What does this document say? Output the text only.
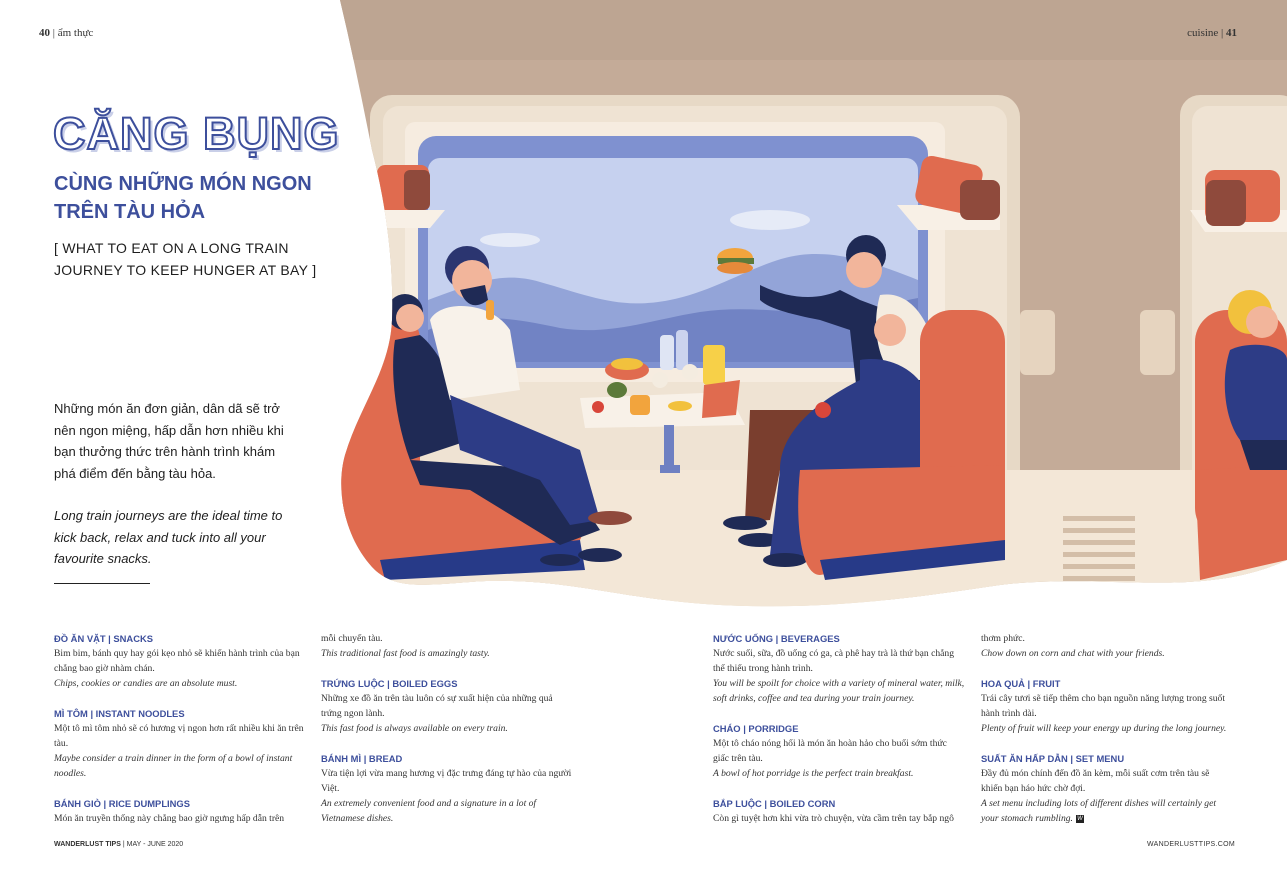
40 | ẩm thực	cuisine | 41
CĂNG BỤNG
CÙNG NHỮNG MÓN NGON TRÊN TÀU HỎA
[ WHAT TO EAT ON A LONG TRAIN JOURNEY TO KEEP HUNGER AT BAY ]
Những món ăn đơn giản, dân dã sẽ trở nên ngon miệng, hấp dẫn hơn nhiều khi bạn thưởng thức trên hành trình khám phá điểm đến bằng tàu hỏa.
Long train journeys are the ideal time to kick back, relax and tuck into all your favourite snacks.
ĐỒ ĂN VẶT | SNACKS

Bim bim, bánh quy hay gói kẹo nhỏ sẽ khiến hành trình của bạn chẳng bao giờ nhàm chán.

Chips, cookies or candies are an absolute must.

MÌ TÔM | INSTANT NOODLES

Một tô mì tôm nhỏ sẽ có hương vị ngon hơn rất nhiều khi ăn trên tàu.

Maybe consider a train dinner in the form of a bowl of instant noodles.

BÁNH GIÒ | RICE DUMPLINGS

Món ăn truyền thống này chẳng bao giờ ngưng hấp dẫn trên

mỗi chuyến tàu.

This traditional fast food is amazingly tasty.

TRỨNG LUỘC | BOILED EGGS

Những xe đồ ăn trên tàu luôn có sự xuất hiện của những quả trứng ngon lành.

This fast food is always available on every train.

BÁNH MÌ | BREAD

Vừa tiện lợi vừa mang hương vị đặc trưng đáng tự hào của người Việt.

An extremely convenient food and a signature in a lot of Vietnamese dishes.

NƯỚC UỐNG | BEVERAGES

Nước suối, sữa, đồ uống có ga, cà phê hay trà là thứ bạn chẳng thể thiếu trong hành trình.

You will be spoilt for choice with a variety of mineral water, milk, soft drinks, coffee and tea during your train journey.

CHÁO | PORRIDGE

Một tô cháo nóng hổi là món ăn hoàn hảo cho buổi sớm thức giấc trên tàu.

A bowl of hot porridge is the perfect train breakfast.

BẮP LUỘC | BOILED CORN

Còn gì tuyệt hơn khi vừa trò chuyện, vừa cầm trên tay bắp ngô

thơm phức.

Chow down on corn and chat with your friends.

HOA QUẢ | FRUIT

Trái cây tươi sẽ tiếp thêm cho bạn nguồn năng lượng trong suốt hành trình dài.

Plenty of fruit will keep your energy up during the long journey.

SUẤT ĂN HẤP DẪN | SET MENU

Đầy đủ món chính đến đồ ăn kèm, mỗi suất cơm trên tàu sẽ khiến bạn háo hức chờ đợi.

A set menu including lots of different dishes will certainly get your stomach rumbling. W

WANDERLUST TIPS | MAY - JUNE 2020	WANDERLUSTTIPS.COM
